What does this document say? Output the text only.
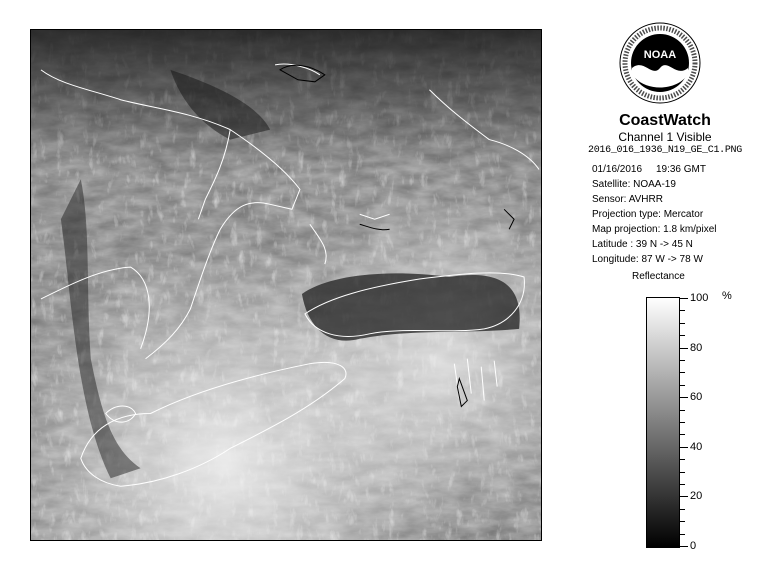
NOAA
CoastWatch
Channel 1 Visible
2016_016_1936_N19_GE_C1.PNG
01/16/2016 19:36 GMT
Satellite: NOAA-19
Sensor: AVHRR
Projection type: Mercator
Map projection: 1.8 km/pixel
Latitude : 39 N -> 45 N
Longitude: 87 W -> 78 W
Reflectance
%
100
80
60
40
20
0
